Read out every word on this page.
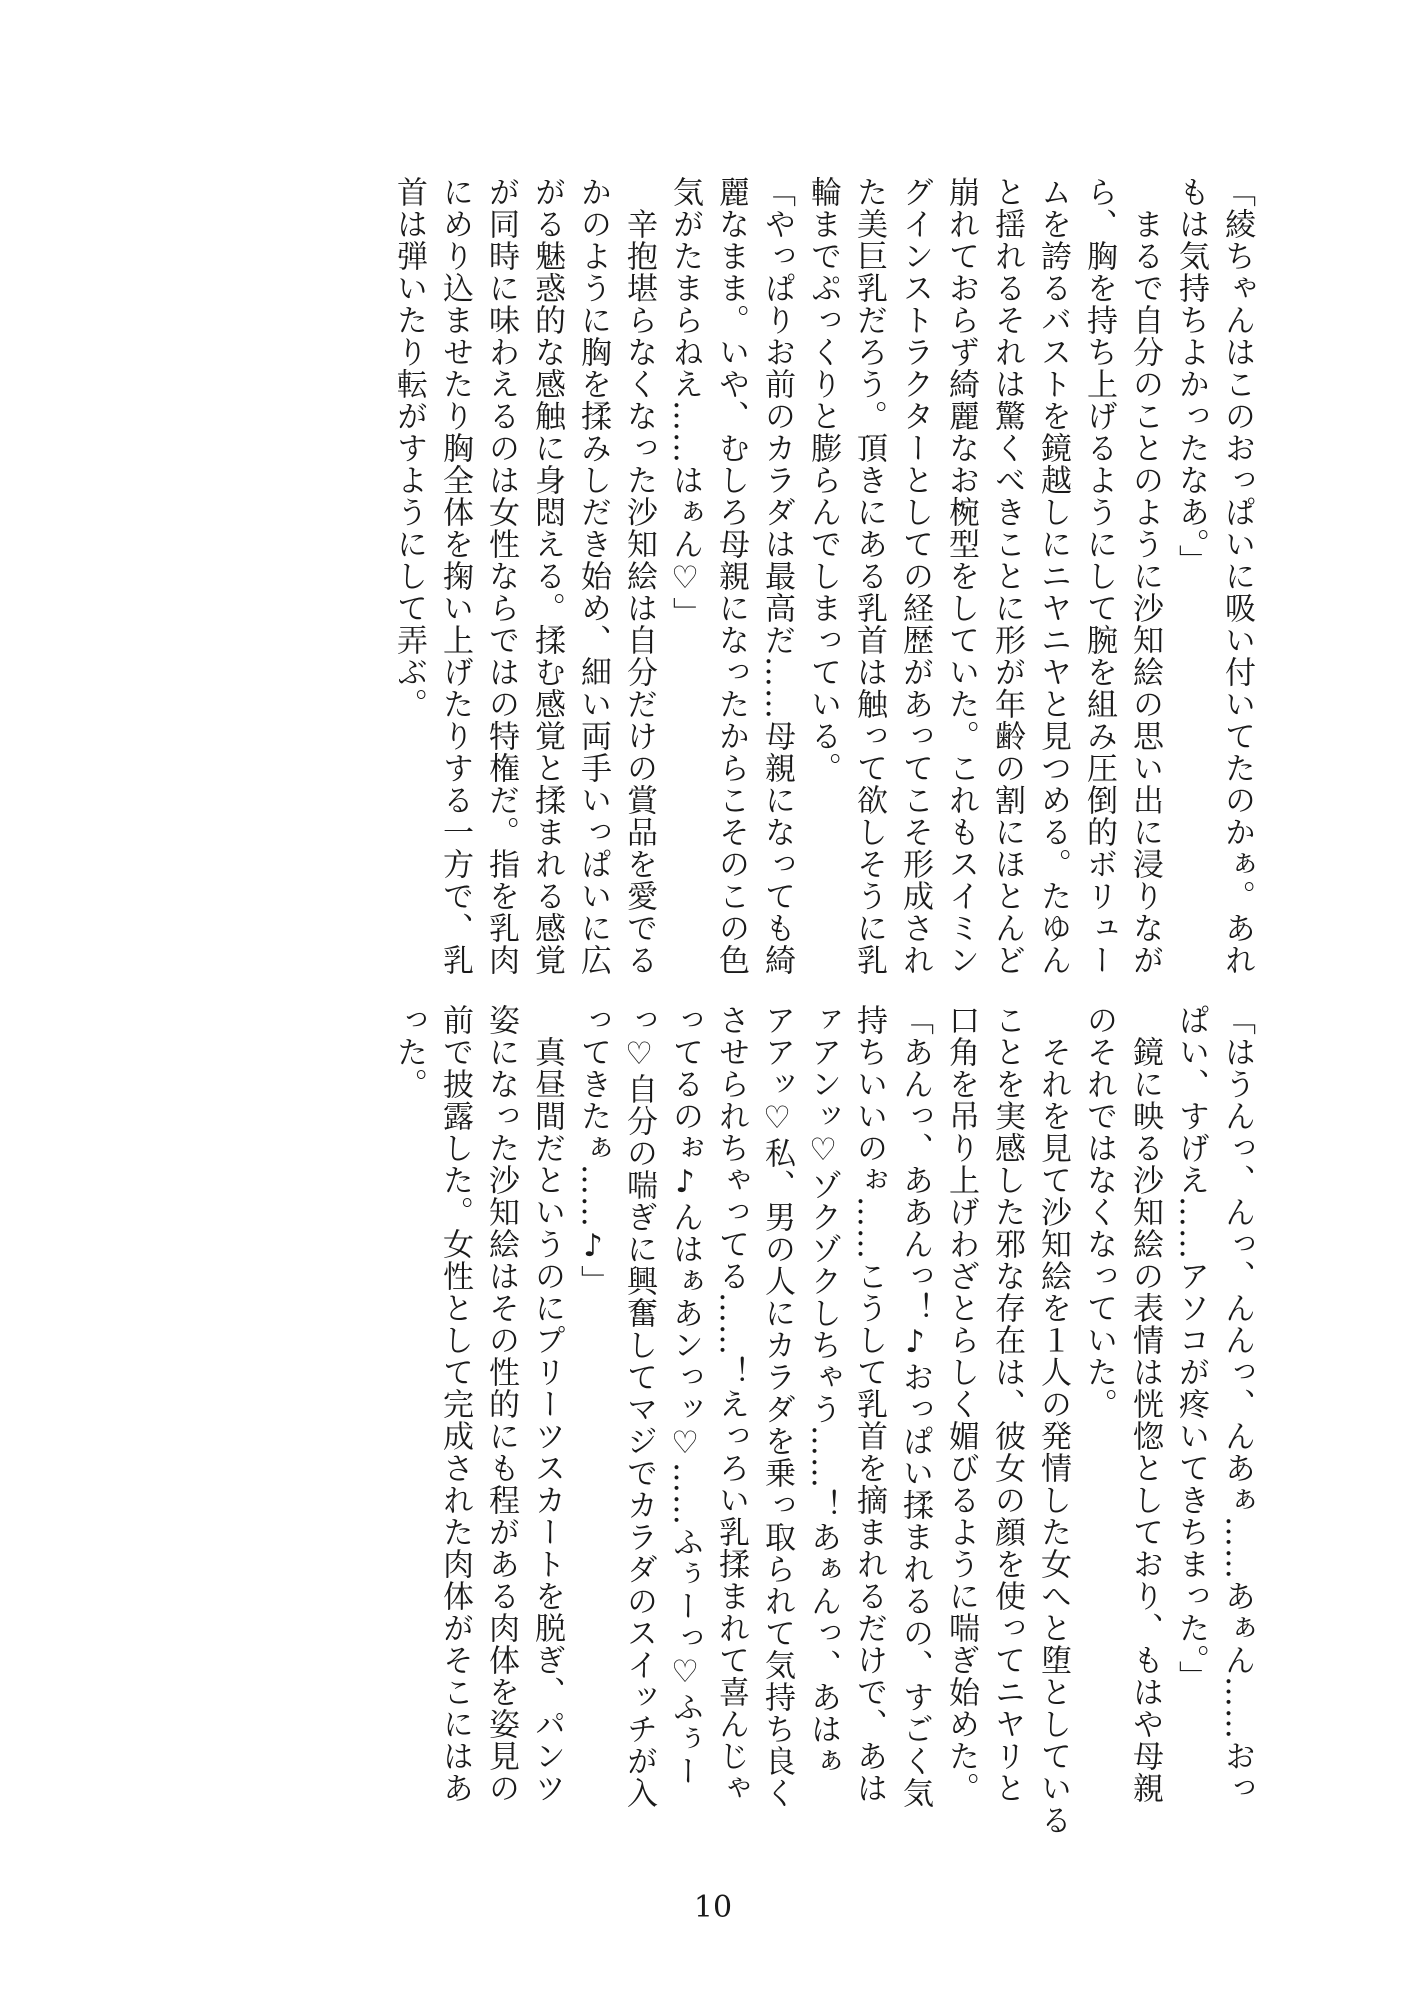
「綾ちゃんはこのおっぱいに吸い付いてたのかぁ。あれ
もは気持ちよかったなあ。」
　まるで自分のことのように沙知絵の思い出に浸りなが
ら、胸を持ち上げるようにして腕を組み圧倒的ボリュー
ムを誇るバストを鏡越しにニヤニヤと見つめる。たゆん
と揺れるそれは驚くべきことに形が年齢の割にほとんど
崩れておらず綺麗なお椀型をしていた。これもスイミン
グインストラクターとしての経歴があってこそ形成され
た美巨乳だろう。頂きにある乳首は触って欲しそうに乳
輪までぷっくりと膨らんでしまっている。
「やっぱりお前のカラダは最高だ……母親になっても綺
麗なまま。いや、むしろ母親になったからこそのこの色
気がたまらねえ……はぁん♡」
　辛抱堪らなくなった沙知絵は自分だけの賞品を愛でる
かのように胸を揉みしだき始め、細い両手いっぱいに広
がる魅惑的な感触に身悶える。揉む感覚と揉まれる感覚
が同時に味わえるのは女性ならではの特権だ。指を乳肉
にめり込ませたり胸全体を掬い上げたりする一方で、乳
首は弾いたり転がすようにして弄ぶ。
「はうんっ、んっ、んんっ、んあぁ……あぁん……おっ
ぱい、すげえ……アソコが疼いてきちまった。」
　鏡に映る沙知絵の表情は恍惚としており、もはや母親
のそれではなくなっていた。
　それを見て沙知絵を１人の発情した女へと堕としている
ことを実感した邪な存在は、彼女の顔を使ってニヤリと
口角を吊り上げわざとらしく媚びるように喘ぎ始めた。
「あんっ、ああんっ！♪おっぱい揉まれるの、すごく気
持ちいいのぉ……こうして乳首を摘まれるだけで、あは
ァアンッ♡ゾクゾクしちゃう……！あぁんっ、あはぁ
アアッ♡私、男の人にカラダを乗っ取られて気持ち良く
させられちゃってる……！えっろい乳揉まれて喜んじゃ
ってるのぉ♪んはぁあンっッ♡……ふぅーっ♡ふぅー
っ♡自分の喘ぎに興奮してマジでカラダのスイッチが入
ってきたぁ……♪」
　真昼間だというのにプリーツスカートを脱ぎ、パンツ
姿になった沙知絵はその性的にも程がある肉体を姿見の
前で披露した。女性として完成された肉体がそこにはあ
った。
10
